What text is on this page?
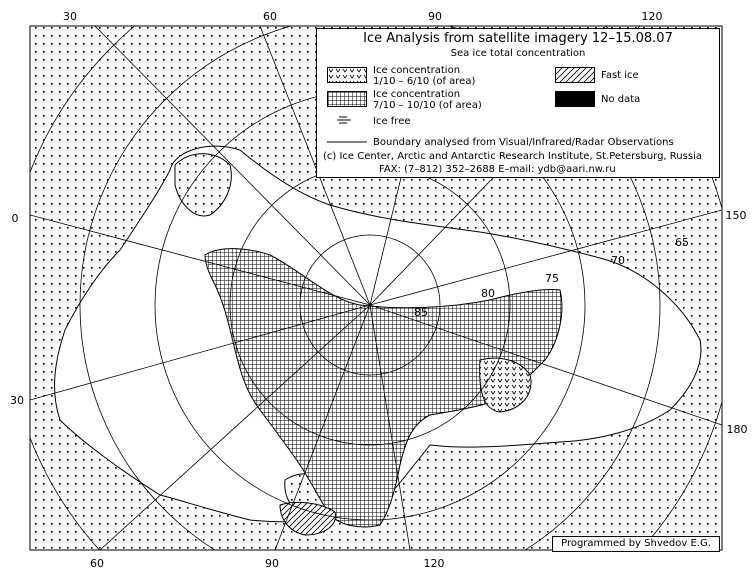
30	60	90	120
60	90	120
0
30
150
180
65
70
75
80
85
Ice Analysis from satellite imagery 12–15.08.07
Sea ice total concentration
Ice concentration
1/10 – 6/10 (of area)
Ice concentration
7/10 – 10/10 (of area)
Ice free
Fast ice
No data
Boundary analysed from Visual/Infrared/Radar Observations
(c) Ice Center, Arctic and Antarctic Research Institute, St.Petersburg, Russia
FAX: (7–812) 352–2688 E–mail: ydb@aari.nw.ru
Programmed by Shvedov E.G.
